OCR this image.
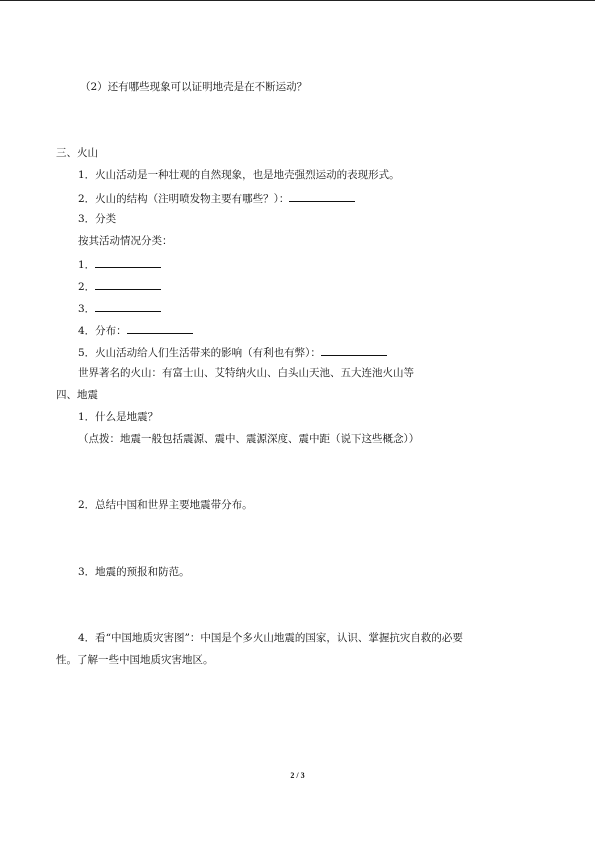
（2）还有哪些现象可以证明地壳是在不断运动？
三、火山
1．火山活动是一种壮观的自然现象，也是地壳强烈运动的表现形式。
2．火山的结构（注明喷发物主要有哪些？）：
3．分类
按其活动情况分类：
1．
2．
3．
4．分布：
5．火山活动给人们生活带来的影响（有利也有弊）：
世界著名的火山：有富士山、艾特纳火山、白头山天池、五大连池火山等
四、地震
1．什么是地震？
（点拨：地震一般包括震源、震中、震源深度、震中距（说下这些概念））
2．总结中国和世界主要地震带分布。
3．地震的预报和防范。
4．看“中国地质灾害图”：中国是个多火山地震的国家，认识、掌握抗灾自救的必要
性。了解一些中国地质灾害地区。
2 / 3
